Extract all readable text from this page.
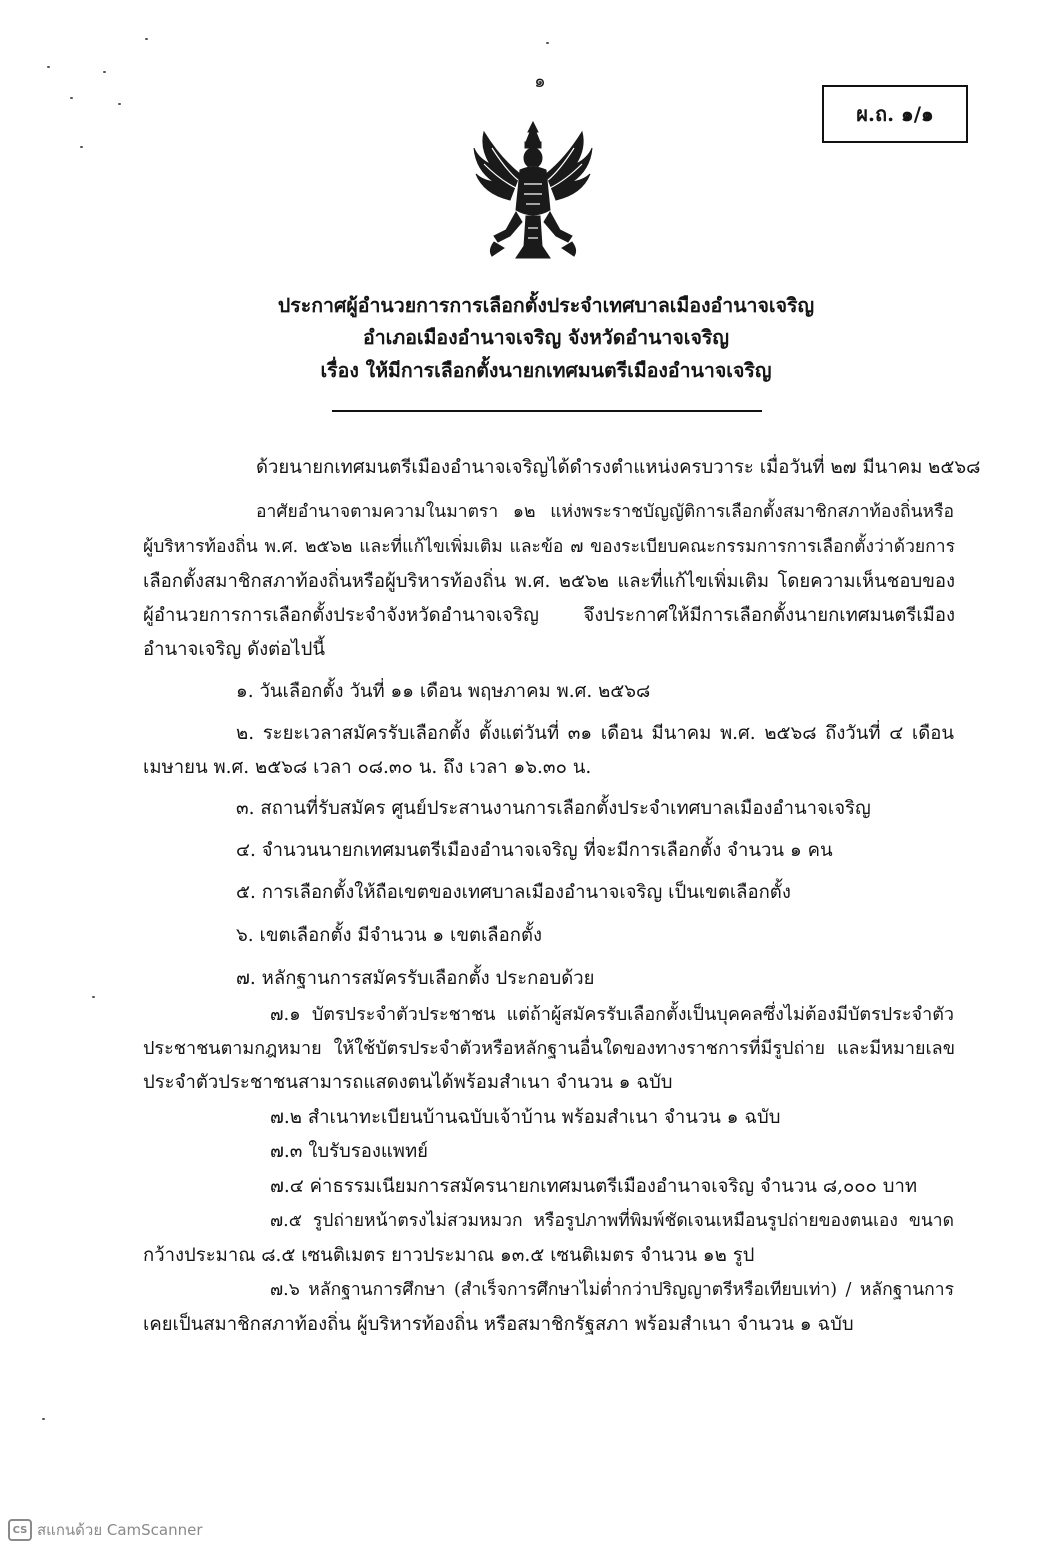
๑
ผ.ถ. ๑/๑
ประกาศผู้อำนวยการการเลือกตั้งประจำเทศบาลเมืองอำนาจเจริญ
อำเภอเมืองอำนาจเจริญ จังหวัดอำนาจเจริญ
เรื่อง ให้มีการเลือกตั้งนายกเทศมนตรีเมืองอำนาจเจริญ
ด้วยนายกเทศมนตรีเมืองอำนาจเจริญได้ดำรงตำแหน่งครบวาระ เมื่อวันที่ ๒๗ มีนาคม ๒๕๖๘
อาศัยอำนาจตามความในมาตรา ๑๒ แห่งพระราชบัญญัติการเลือกตั้งสมาชิกสภาท้องถิ่นหรือ
ผู้บริหารท้องถิ่น พ.ศ. ๒๕๖๒ และที่แก้ไขเพิ่มเติม และข้อ ๗ ของระเบียบคณะกรรมการการเลือกตั้งว่าด้วยการ
เลือกตั้งสมาชิกสภาท้องถิ่นหรือผู้บริหารท้องถิ่น พ.ศ. ๒๕๖๒ และที่แก้ไขเพิ่มเติม โดยความเห็นชอบของ
ผู้อำนวยการการเลือกตั้งประจำจังหวัดอำนาจเจริญ จึงประกาศให้มีการเลือกตั้งนายกเทศมนตรีเมือง
อำนาจเจริญ ดังต่อไปนี้
๑. วันเลือกตั้ง วันที่ ๑๑ เดือน พฤษภาคม พ.ศ. ๒๕๖๘
๒. ระยะเวลาสมัครรับเลือกตั้ง ตั้งแต่วันที่ ๓๑ เดือน มีนาคม พ.ศ. ๒๕๖๘ ถึงวันที่ ๔ เดือน
เมษายน พ.ศ. ๒๕๖๘ เวลา ๐๘.๓๐ น. ถึง เวลา ๑๖.๓๐ น.
๓. สถานที่รับสมัคร ศูนย์ประสานงานการเลือกตั้งประจำเทศบาลเมืองอำนาจเจริญ
๔. จำนวนนายกเทศมนตรีเมืองอำนาจเจริญ ที่จะมีการเลือกตั้ง จำนวน ๑ คน
๕. การเลือกตั้งให้ถือเขตของเทศบาลเมืองอำนาจเจริญ เป็นเขตเลือกตั้ง
๖. เขตเลือกตั้ง มีจำนวน ๑ เขตเลือกตั้ง
๗. หลักฐานการสมัครรับเลือกตั้ง ประกอบด้วย
๗.๑ บัตรประจำตัวประชาชน แต่ถ้าผู้สมัครรับเลือกตั้งเป็นบุคคลซึ่งไม่ต้องมีบัตรประจำตัว
ประชาชนตามกฎหมาย ให้ใช้บัตรประจำตัวหรือหลักฐานอื่นใดของทางราชการที่มีรูปถ่าย และมีหมายเลข
ประจำตัวประชาชนสามารถแสดงตนได้พร้อมสำเนา จำนวน ๑ ฉบับ
๗.๒ สำเนาทะเบียนบ้านฉบับเจ้าบ้าน พร้อมสำเนา จำนวน ๑ ฉบับ
๗.๓ ใบรับรองแพทย์
๗.๔ ค่าธรรมเนียมการสมัครนายกเทศมนตรีเมืองอำนาจเจริญ จำนวน ๘,๐๐๐ บาท
๗.๕ รูปถ่ายหน้าตรงไม่สวมหมวก หรือรูปภาพที่พิมพ์ชัดเจนเหมือนรูปถ่ายของตนเอง ขนาด
กว้างประมาณ ๘.๕ เซนติเมตร ยาวประมาณ ๑๓.๕ เซนติเมตร จำนวน ๑๒ รูป
๗.๖ หลักฐานการศึกษา (สำเร็จการศึกษาไม่ต่ำกว่าปริญญาตรีหรือเทียบเท่า) / หลักฐานการ
เคยเป็นสมาชิกสภาท้องถิ่น ผู้บริหารท้องถิ่น หรือสมาชิกรัฐสภา พร้อมสำเนา จำนวน ๑ ฉบับ
CS สแกนด้วย CamScanner
